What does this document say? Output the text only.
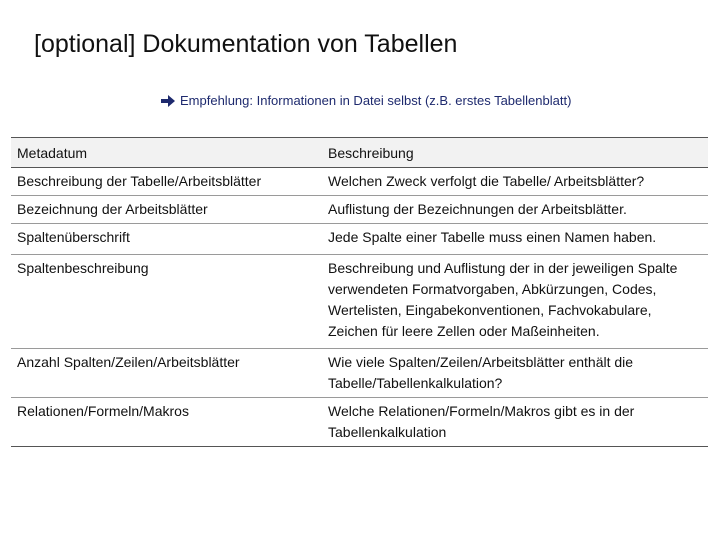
[optional] Dokumentation von Tabellen
Empfehlung: Informationen in Datei selbst (z.B. erstes Tabellenblatt)
Metadatum	Beschreibung
Beschreibung der Tabelle/Arbeitsblätter	Welchen Zweck verfolgt die Tabelle/ Arbeitsblätter?
Bezeichnung der Arbeitsblätter	Auflistung der Bezeichnungen der Arbeitsblätter.
Spaltenüberschrift	Jede Spalte einer Tabelle muss einen Namen haben.
Spaltenbeschreibung	Beschreibung und Auflistung der in der jeweiligen Spalte verwendeten Formatvorgaben, Abkürzungen, Codes, Wertelisten, Eingabekonventionen, Fachvokabulare, Zeichen für leere Zellen oder Maßeinheiten.
Anzahl Spalten/Zeilen/Arbeitsblätter	Wie viele Spalten/Zeilen/Arbeitsblätter enthält die Tabelle/Tabellenkalkulation?
Relationen/Formeln/Makros	Welche Relationen/Formeln/Makros gibt es in der Tabellenkalkulation
